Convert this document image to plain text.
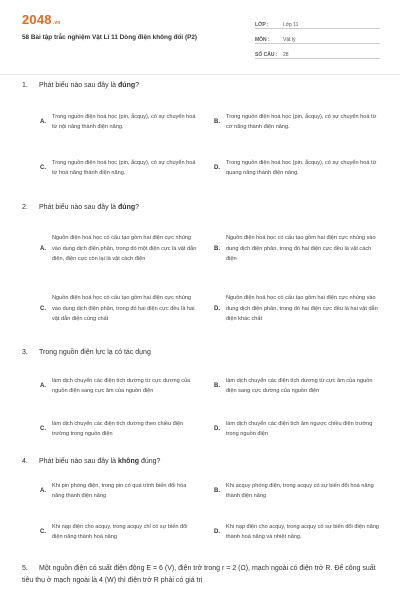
2048.vn
58 Bài tập trắc nghiệm Vật Lí 11 Dòng điện không đổi (P2)
LỚP :	Lớp 11
MÔN :	Vật lý
SỐ CÂU :	28
1. Phát biểu nào sau đây là đúng?
A.
Trong nguồn điện hoá học (pin, ắcquy), có sự chuyển hoá từ nội năng thành điện năng.
B.
Trong nguồn điện hoá học (pin, ắcquy), có sự chuyển hoá từ cơ năng thành điện năng.
C.
Trong nguồn điện hoá học (pin, ắcquy), có sự chuyển hoá từ hoá năng thành điện năng.
D.
Trong nguồn điện hoá học (pin, ắcquy), có sự chuyển hoá từ quang năng thành điện năng.
2. Phát biểu nào sau đây là đúng?
A.
Nguồn điện hoá học có cấu tạo gồm hai điện cực nhúng vào dung dịch điện phân, trong đó một điện cực là vật dẫn điện, điện cực còn lại là vật cách điện
B.
Nguồn điện hoá học có cấu tạo gồm hai điện cực nhúng vào dung dịch điện phân, trong đó hai điện cực đều là vật cách điện
C.
Nguồn điện hoá học có cấu tạo gồm hai điện cực nhúng vào dung dịch điện phân, trong đó hai điện cực đều là hai vật dẫn điện cùng chất
D.
Nguồn điện hoá học có cấu tạo gồm hai điện cực nhúng vào dung dịch điện phân, trong đó hai điện cực đều là hai vật dẫn điện khác chất
3. Trong nguồn điện lực lạ có tác dụng
A.
làm dịch chuyển các điện tích dương từ cực dương của nguồn điện sang cực âm của nguồn điện
B.
làm dịch chuyển các điện tích dương từ cực âm của nguồn điện sang cực dương của nguồn điện
C.
làm dịch chuyển các điện tích dương theo chiều điện trường trong nguồn điện
D.
làm dịch chuyển các điện tích âm ngược chiều điện trường trong nguồn điện
4. Phát biểu nào sau đây là không đúng?
A.
Khi pin phóng điện, trong pin có quá trình biến đổi hóa năng thành điện năng
B.
Khi acquy phóng điện, trong acquy có sự biến đổi hoá năng thành điện năng
C.
Khi nạp điện cho acquy, trong acquy chỉ có sự biến đổi điện năng thành hoá năng
D.
Khi nạp điện cho acquy, trong acquy có sự biến đổi điện năng thành hoá năng và nhiệt năng.
5. Một nguồn điện có suất điện động E = 6 (V), điện trở trong r = 2 (Ω), mạch ngoài có điện trở R. Để công suất tiêu thụ ở mạch ngoài là 4 (W) thì điện trở R phải có giá trị
